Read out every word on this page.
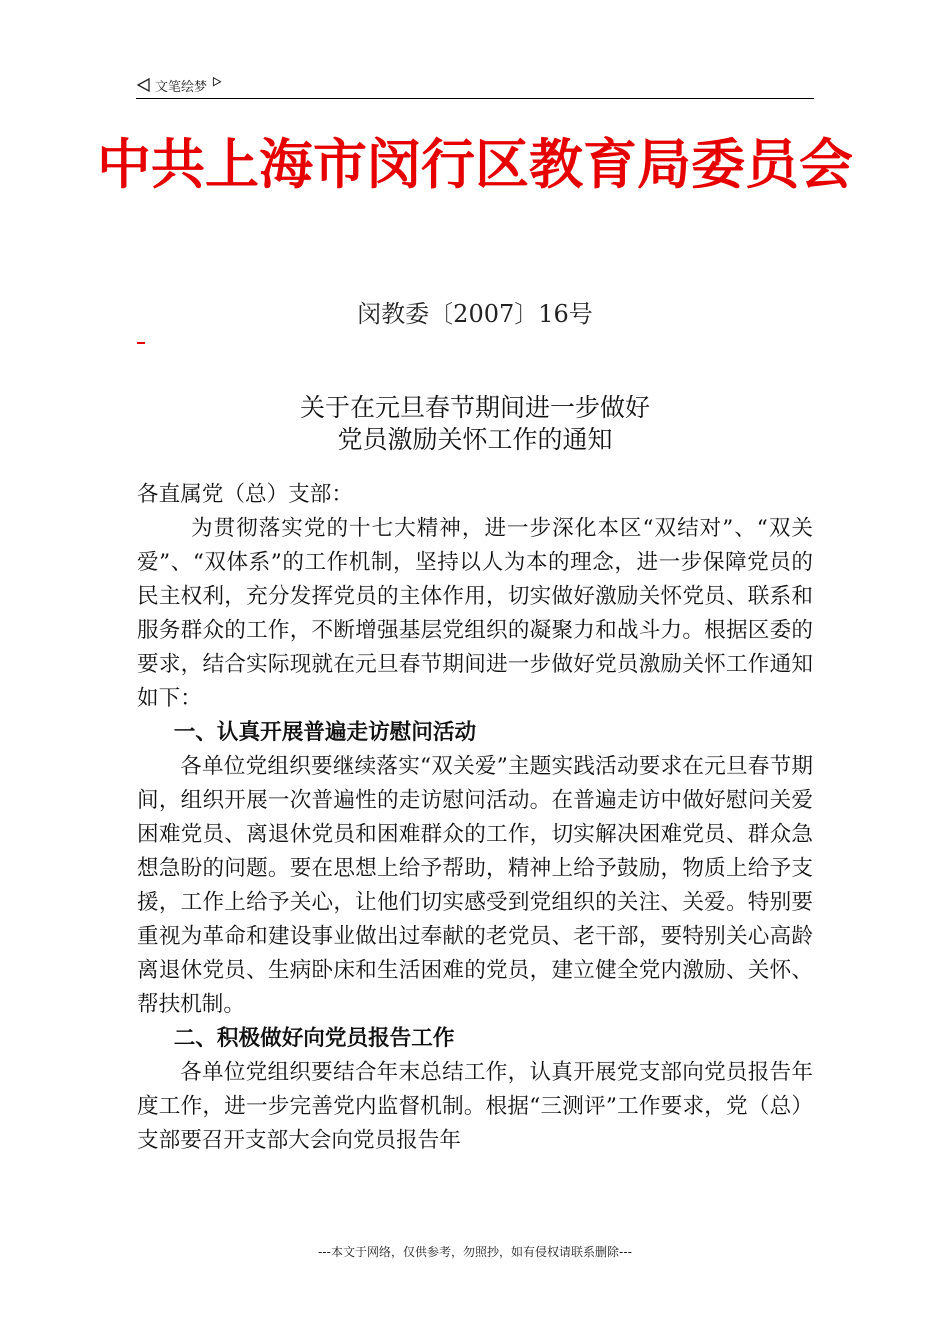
文笔绘梦
中共上海市闵行区教育局委员会
闵教委〔2007〕16号
关于在元旦春节期间进一步做好
党员激励关怀工作的通知

各直属党（总）支部：

为贯彻落实党的十七大精神，进一步深化本区“双结对”、“双关爱”、“双体系”的工作机制，坚持以人为本的理念，进一步保障党员的民主权利，充分发挥党员的主体作用，切实做好激励关怀党员、联系和服务群众的工作，不断增强基层党组织的凝聚力和战斗力。根据区委的要求，结合实际现就在元旦春节期间进一步做好党员激励关怀工作通知如下：

一、认真开展普遍走访慰问活动

各单位党组织要继续落实“双关爱”主题实践活动要求在元旦春节期间，组织开展一次普遍性的走访慰问活动。在普遍走访中做好慰问关爱困难党员、离退休党员和困难群众的工作，切实解决困难党员、群众急想急盼的问题。要在思想上给予帮助，精神上给予鼓励，物质上给予支援，工作上给予关心，让他们切实感受到党组织的关注、关爱。特别要重视为革命和建设事业做出过奉献的老党员、老干部，要特别关心高龄离退休党员、生病卧床和生活困难的党员，建立健全党内激励、关怀、帮扶机制。

二、积极做好向党员报告工作

各单位党组织要结合年末总结工作，认真开展党支部向党员报告年度工作，进一步完善党内监督机制。根据“三测评”工作要求，党（总）支部要召开支部大会向党员报告年

---本文于网络，仅供参考，勿照抄，如有侵权请联系删除---
